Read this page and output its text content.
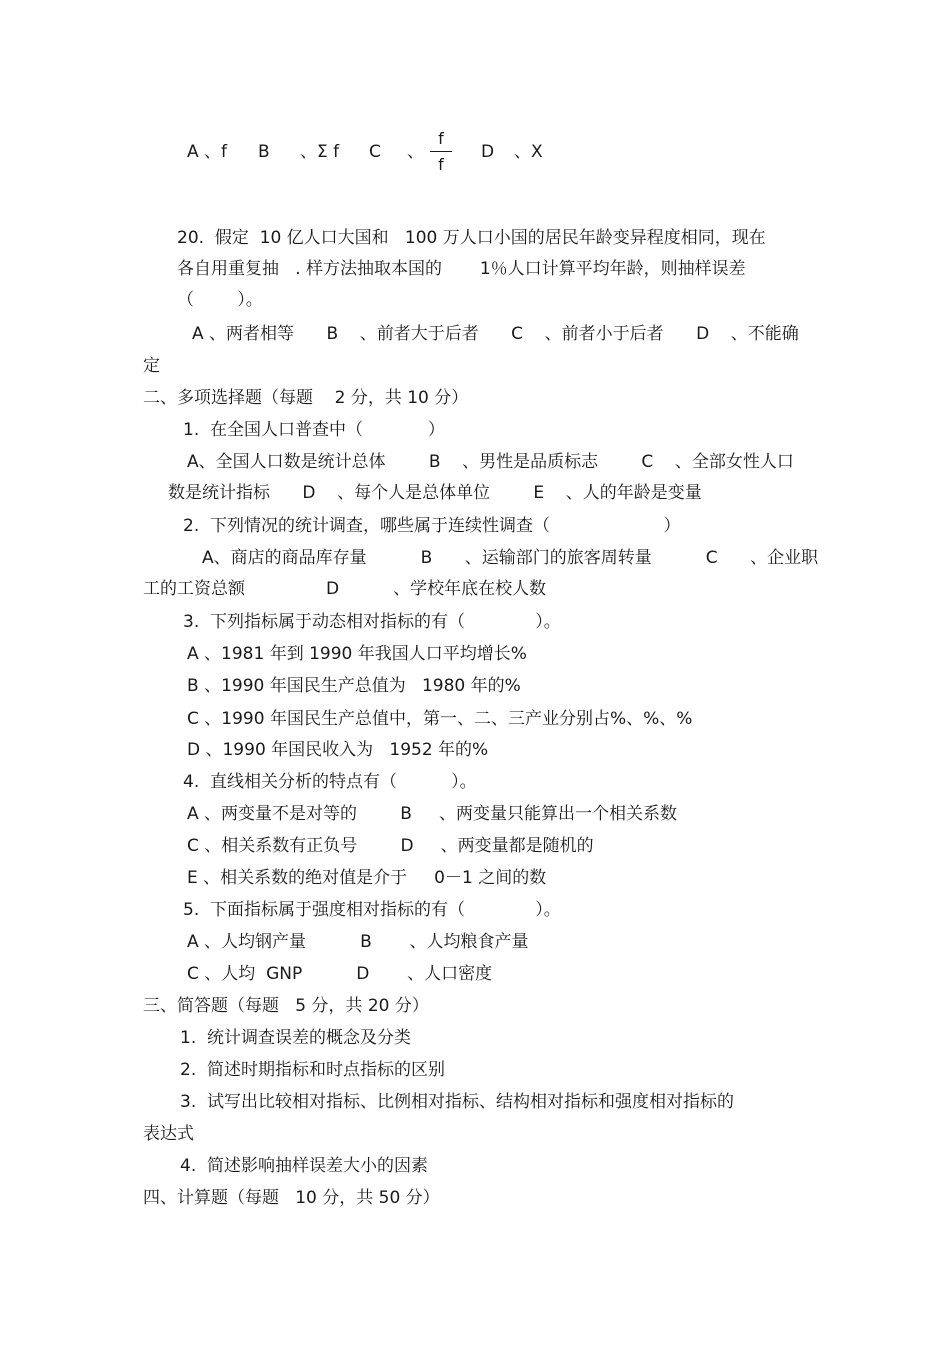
A 、f B 、Σ f C 、
f
f
D 、X
20.  假定  10 亿人口大国和   100 万人口小国的居民年龄变异程度相同，现在
各自用重复抽   . 样方法抽取本国的       1％人口计算平均年龄，则抽样误差
（        ）。
A 、两者相等      B    、前者大于后者      C    、前者小于后者      D    、不能确
定
二、多项选择题（每题    2 分，共 10 分）
1.  在全国人口普查中（            ）
A、全国人口数是统计总体        B    、男性是品质标志        C    、全部女性人口
数是统计指标      D    、每个人是总体单位        E    、人的年龄是变量
2.  下列情况的统计调查，哪些属于连续性调查（                     ）
A、商店的商品库存量          B      、运输部门的旅客周转量          C      、企业职
工的工资总额               D          、学校年底在校人数
3.  下列指标属于动态相对指标的有（             ）。
A 、1981 年到 1990 年我国人口平均增长%
B 、1990 年国民生产总值为   1980 年的%
C 、1990 年国民生产总值中，第一、二、三产业分别占%、%、%
D 、1990 年国民收入为   1952 年的%
4.  直线相关分析的特点有（          ）。
A 、两变量不是对等的        B     、两变量只能算出一个相关系数
C 、相关系数有正负号        D     、两变量都是随机的
E 、相关系数的绝对值是介于     0－1 之间的数
5.  下面指标属于强度相对指标的有（             ）。
A 、人均钢产量          B       、人均粮食产量
C 、人均  GNP          D       、人口密度
三、简答题（每题   5 分，共 20 分）
1.  统计调查误差的概念及分类
2.  简述时期指标和时点指标的区别
3.  试写出比较相对指标、比例相对指标、结构相对指标和强度相对指标的
表达式
4.  简述影响抽样误差大小的因素
四、计算题（每题   10 分，共 50 分）
